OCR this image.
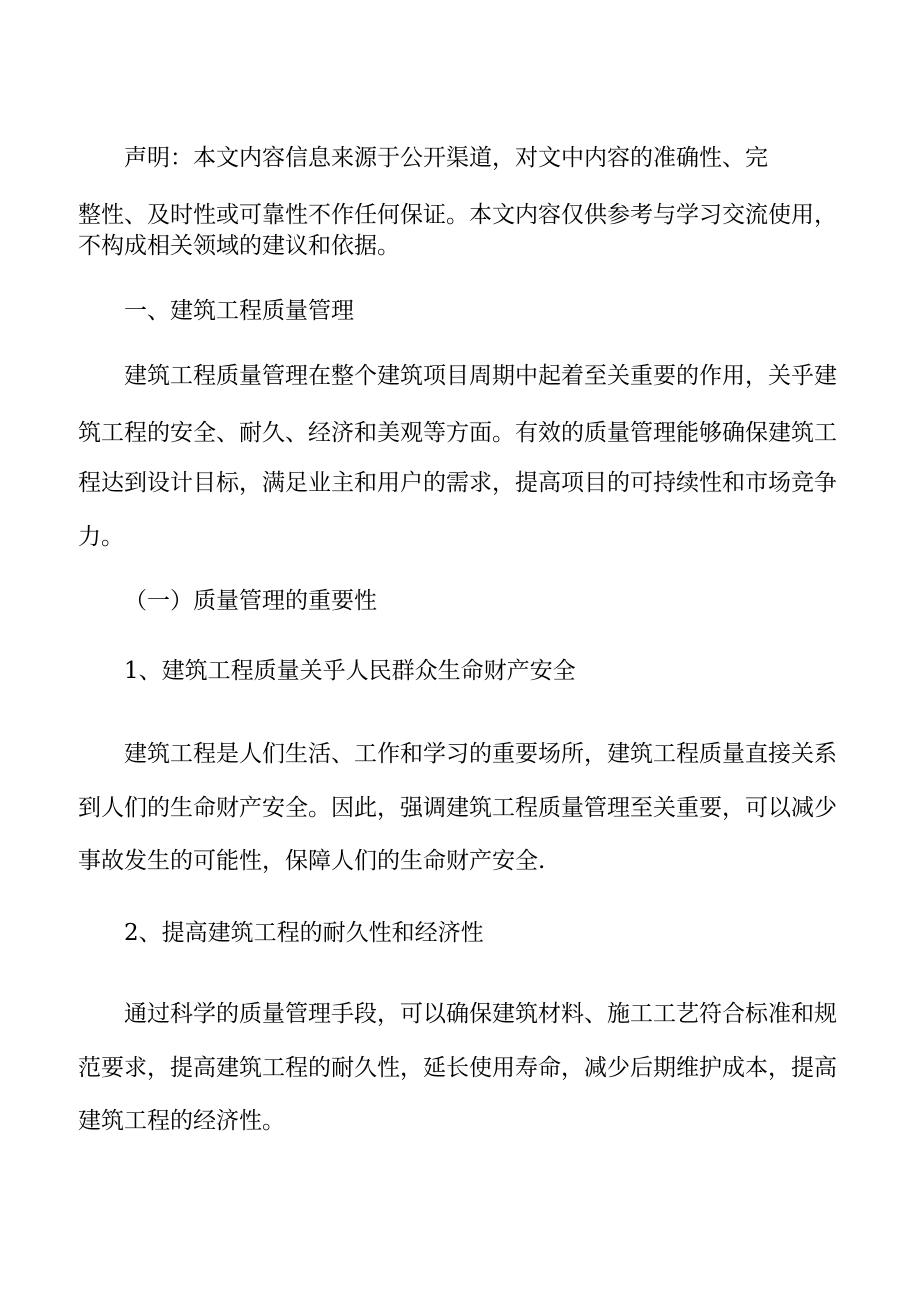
声明：本文内容信息来源于公开渠道，对文中内容的准确性、完

整性、及时性或可靠性不作任何保证。本文内容仅供参考与学习交流使用，

不构成相关领域的建议和依据。

一、建筑工程质量管理

建筑工程质量管理在整个建筑项目周期中起着至关重要的作用，关乎建

筑工程的安全、耐久、经济和美观等方面。有效的质量管理能够确保建筑工

程达到设计目标，满足业主和用户的需求，提高项目的可持续性和市场竞争

力。

（一）质量管理的重要性

1、建筑工程质量关乎人民群众生命财产安全

建筑工程是人们生活、工作和学习的重要场所，建筑工程质量直接关系

到人们的生命财产安全。因此，强调建筑工程质量管理至关重要，可以减少

事故发生的可能性，保障人们的生命财产安全.

2、提高建筑工程的耐久性和经济性

通过科学的质量管理手段，可以确保建筑材料、施工工艺符合标准和规

范要求，提高建筑工程的耐久性，延长使用寿命，减少后期维护成本，提高

建筑工程的经济性。
